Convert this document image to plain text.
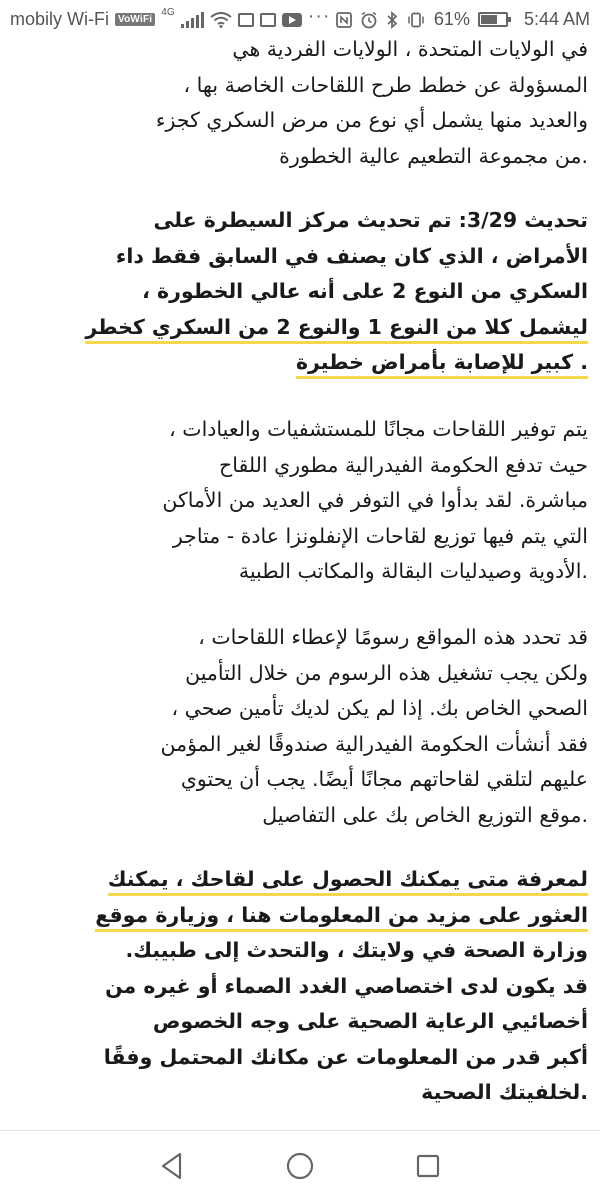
mobily Wi-Fi VoWiFi
4G	···	61%	5:44 AM
في الولايات المتحدة ، الولايات الفردية هي
المسؤولة عن خطط طرح اللقاحات الخاصة بها ،
والعديد منها يشمل أي نوع من مرض السكري كجزء
.من مجموعة التطعيم عالية الخطورة
تحديث 3/29: تم تحديث مركز السيطرة على
الأمراض ، الذي كان يصنف في السابق فقط داء
السكري من النوع 2 على أنه عالي الخطورة ،
ليشمل كلا من النوع 1 والنوع 2 من السكري كخطر
. كبير للإصابة بأمراض خطيرة
يتم توفير اللقاحات مجانًا للمستشفيات والعيادات ،
حيث تدفع الحكومة الفيدرالية مطوري اللقاح
مباشرة. لقد بدأوا في التوفر في العديد من الأماكن
التي يتم فيها توزيع لقاحات الإنفلونزا عادة - متاجر
.الأدوية وصيدليات البقالة والمكاتب الطبية
قد تحدد هذه المواقع رسومًا لإعطاء اللقاحات ،
ولكن يجب تشغيل هذه الرسوم من خلال التأمين
الصحي الخاص بك. إذا لم يكن لديك تأمين صحي ،
فقد أنشأت الحكومة الفيدرالية صندوقًا لغير المؤمن
عليهم لتلقي لقاحاتهم مجانًا أيضًا. يجب أن يحتوي
.موقع التوزيع الخاص بك على التفاصيل
لمعرفة متى يمكنك الحصول على لقاحك ، يمكنك
العثور على مزيد من المعلومات هنا ، وزيارة موقع
وزارة الصحة في ولايتك ، والتحدث إلى طبيبك.
قد يكون لدى اختصاصي الغدد الصماء أو غيره من
أخصائيي الرعاية الصحية على وجه الخصوص
أكبر قدر من المعلومات عن مكانك المحتمل وفقًا
.لخلفيتك الصحية
